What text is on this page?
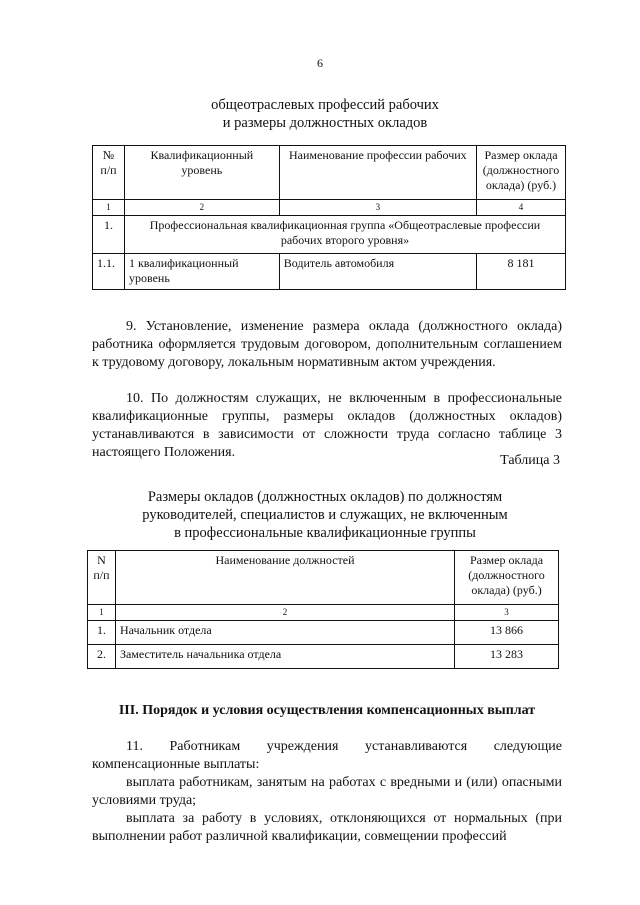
6
общеотраслевых профессий рабочих
и размеры должностных окладов
№ п/п	Квалификационный уровень	Наименование профессии рабочих	Размер оклада (должностного оклада) (руб.)
1	2	3	4
1.	Профессиональная квалификационная группа «Общеотраслевые профессии рабочих второго уровня»		
1.1.	1 квалификационный уровень	Водитель автомобиля	8 181
9. Установление, изменение размера оклада (должностного оклада) работника оформляется трудовым договором, дополнительным соглашением к трудовому договору, локальным нормативным актом учреждения.
10. По должностям служащих, не включенным в профессиональные квалификационные группы, размеры окладов (должностных окладов) устанавливаются в зависимости от сложности труда согласно таблице 3 настоящего Положения.
Таблица 3
Размеры окладов (должностных окладов) по должностям
руководителей, специалистов и служащих, не включенным
в профессиональные квалификационные группы
N п/п	Наименование должностей	Размер оклада (должностного оклада) (руб.)
1	2	3
1.	Начальник отдела	13 866
2.	Заместитель начальника отдела	13 283
III. Порядок и условия осуществления компенсационных выплат
11. Работникам учреждения устанавливаются следующие компенсационные выплаты:
выплата работникам, занятым на работах с вредными и (или) опасными условиями труда;
выплата за работу в условиях, отклоняющихся от нормальных (при выполнении работ различной квалификации, совмещении профессий
